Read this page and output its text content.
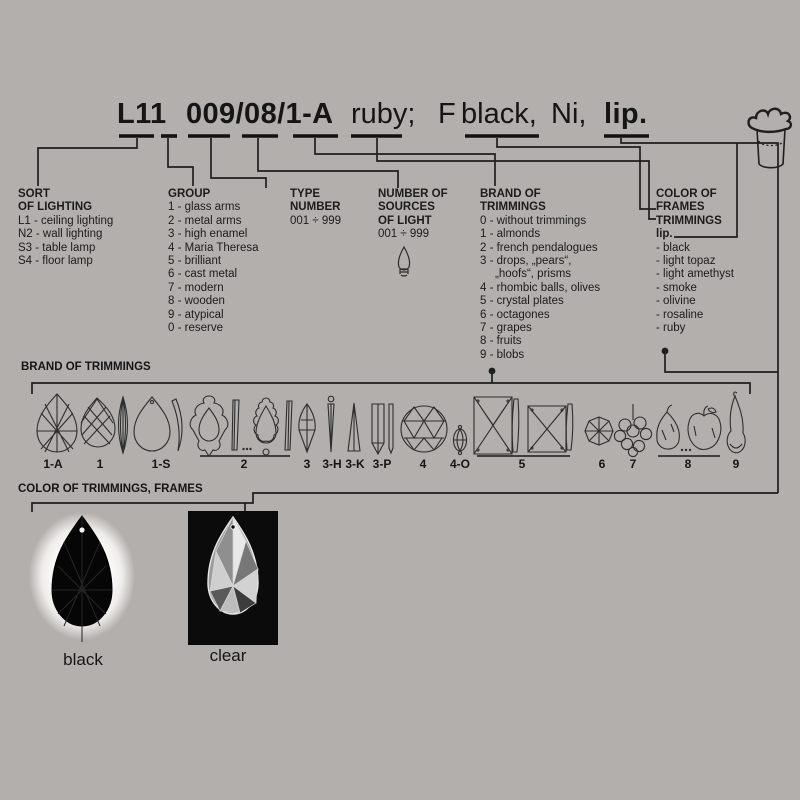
L11 009/08/1-A ruby; F black, Ni, lip.
SORT
OF LIGHTING
L1 - ceiling lighting
N2 - wall lighting
S3 - table lamp
S4 - floor lamp
GROUP
1 - glass arms
2 - metal arms
3 - high enamel
4 - Maria Theresa
5 - brilliant
6 - cast metal
7 - modern
8 - wooden
9 - atypical
0 - reserve
TYPE
NUMBER
001 ÷ 999
NUMBER OF
SOURCES
OF LIGHT
001 ÷ 999
BRAND OF
TRIMMINGS
0 - without trimmings
1 - almonds
2 - french pendalogues
3 - drops, „pears“,
„hoofs“, prisms
4 - rhombic balls, olives
5 - crystal plates
6 - octagones
7 - grapes
8 - fruits
9 - blobs
COLOR OF
FRAMES
TRIMMINGS
lip.
- black
- light topaz
- light amethyst
- smoke
- olivine
- rosaline
- ruby
BRAND OF TRIMMINGS
COLOR OF TRIMMINGS, FRAMES
1-A	1	1-S	2	3 3-H 3-K 3-P 4 4-O	5	6 7	8	9
black	clear
